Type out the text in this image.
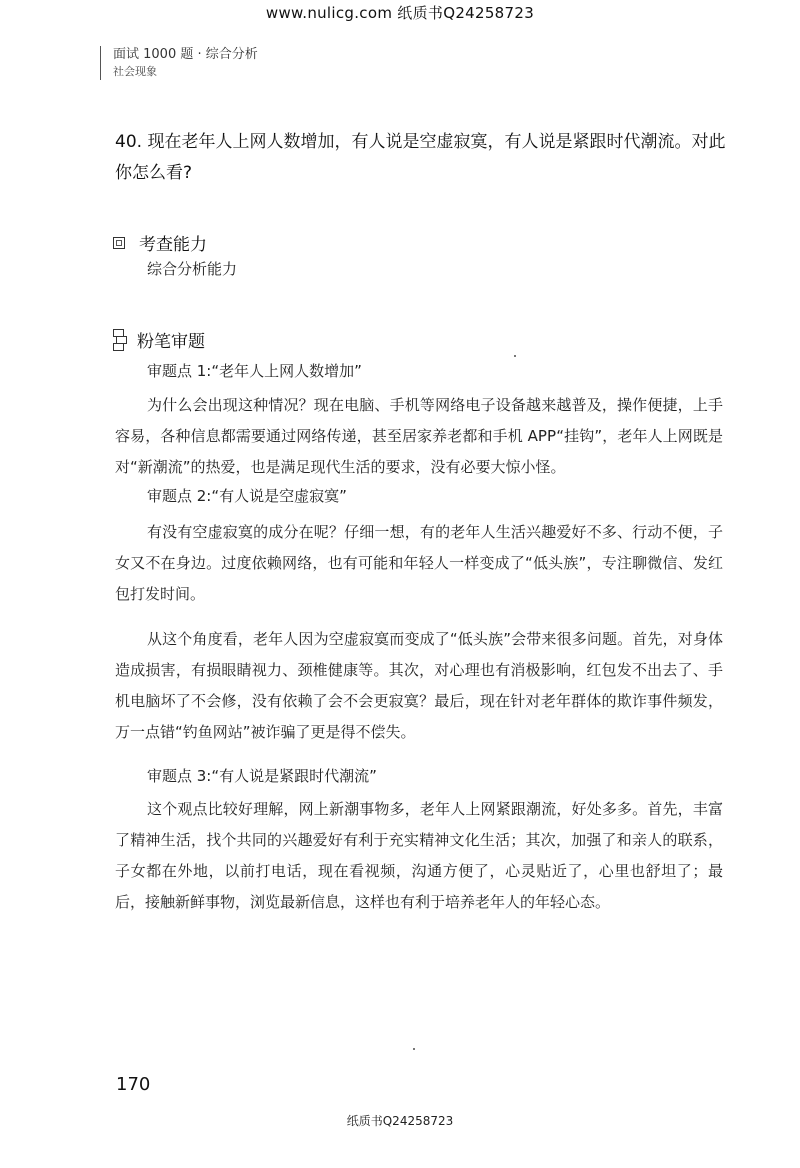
www.nulicg.com 纸质书Q24258723
面试 1000 题 · 综合分析
社会现象
40. 现在老年人上网人数增加，有人说是空虚寂寞，有人说是紧跟时代潮流。对此你怎么看?
考查能力
综合分析能力
粉笔审题
审题点 1:“老年人上网人数增加”
为什么会出现这种情况？现在电脑、手机等网络电子设备越来越普及，操作便捷，上手容易，各种信息都需要通过网络传递，甚至居家养老都和手机 APP“挂钩”，老年人上网既是对“新潮流”的热爱，也是满足现代生活的要求，没有必要大惊小怪。
审题点 2:“有人说是空虚寂寞”
有没有空虚寂寞的成分在呢？仔细一想，有的老年人生活兴趣爱好不多、行动不便，子女又不在身边。过度依赖网络，也有可能和年轻人一样变成了“低头族”，专注聊微信、发红包打发时间。
从这个角度看，老年人因为空虚寂寞而变成了“低头族”会带来很多问题。首先，对身体造成损害，有损眼睛视力、颈椎健康等。其次，对心理也有消极影响，红包发不出去了、手机电脑坏了不会修，没有依赖了会不会更寂寞？最后，现在针对老年群体的欺诈事件频发，万一点错“钓鱼网站”被诈骗了更是得不偿失。
审题点 3:“有人说是紧跟时代潮流”
这个观点比较好理解，网上新潮事物多，老年人上网紧跟潮流，好处多多。首先，丰富了精神生活，找个共同的兴趣爱好有利于充实精神文化生活；其次，加强了和亲人的联系，子女都在外地，以前打电话，现在看视频，沟通方便了，心灵贴近了，心里也舒坦了；最后，接触新鲜事物，浏览最新信息，这样也有利于培养老年人的年轻心态。
170
纸质书Q24258723
